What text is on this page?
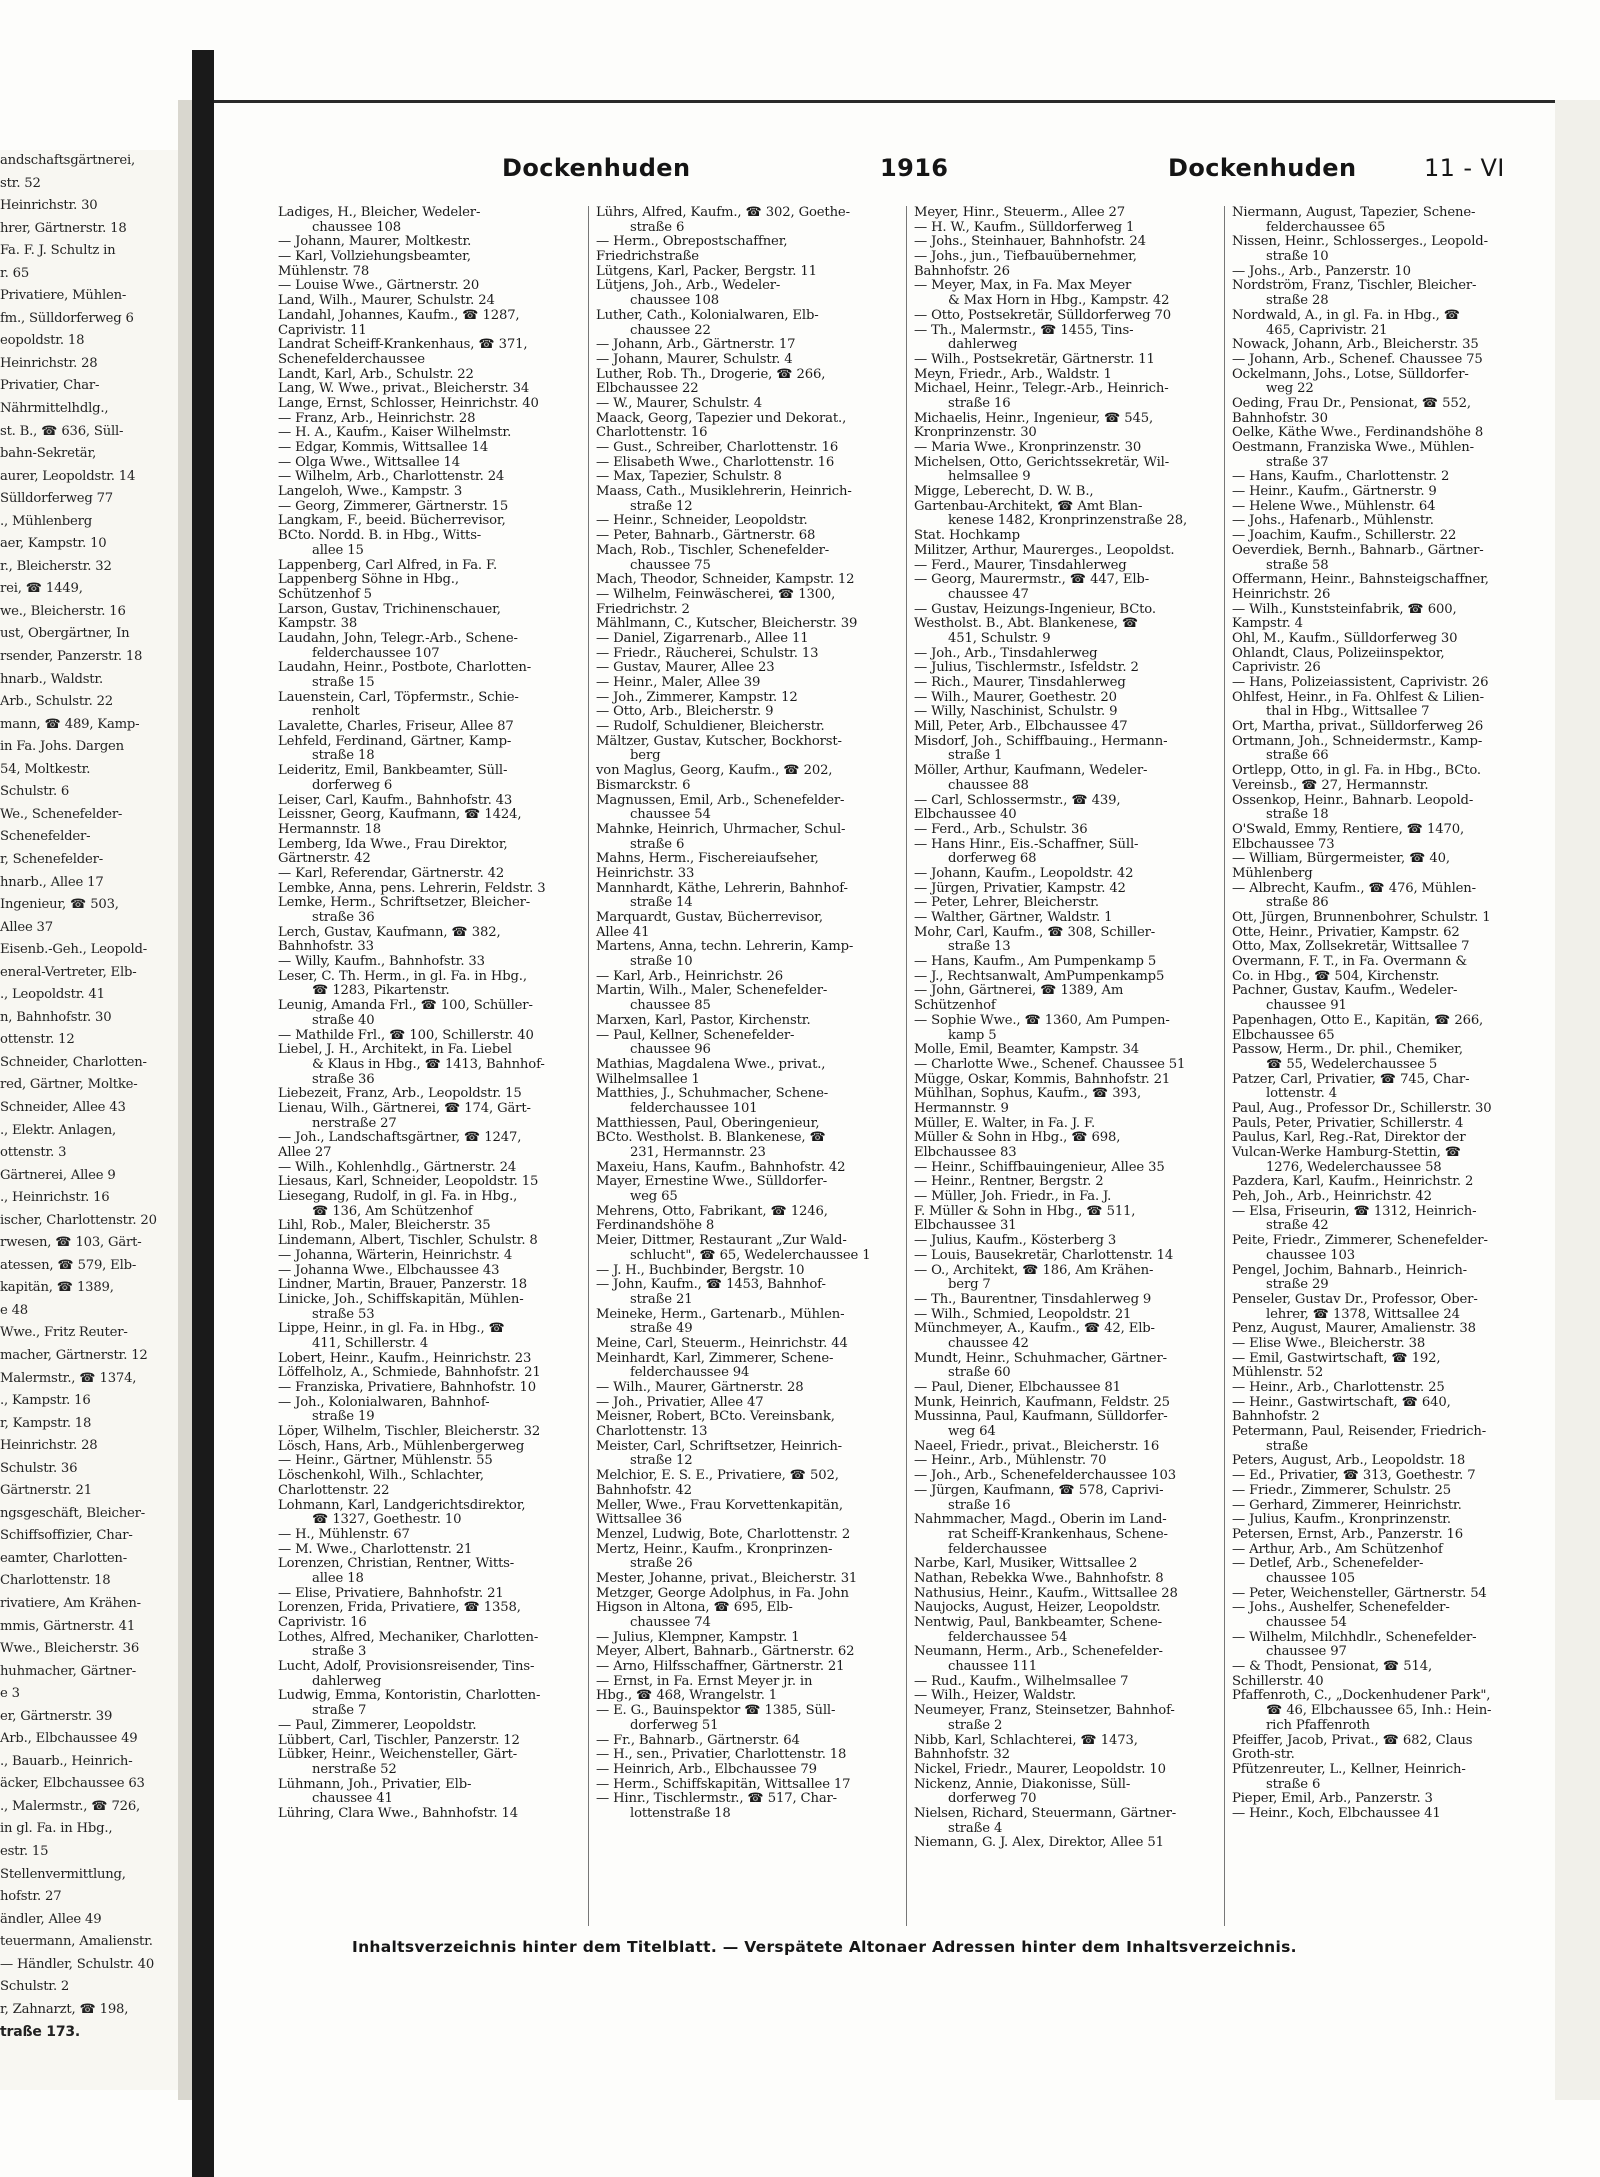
andschaftsgärtnerei,
str. 52
Heinrichstr. 30
hrer, Gärtnerstr. 18
Fa. F. J. Schultz in
r. 65
Privatiere, Mühlen-
fm., Sülldorferweg 6
eopoldstr. 18
Heinrichstr. 28
Privatier, Char-
Nährmittelhdlg.,
st. B., ☎ 636, Süll-
bahn-Sekretär,
aurer, Leopoldstr. 14
Sülldorferweg 77
., Mühlenberg
aer, Kampstr. 10
r., Bleicherstr. 32
rei, ☎ 1449,
we., Bleicherstr. 16
ust, Obergärtner, In
rsender, Panzerstr. 18
hnarb., Waldstr.
Arb., Schulstr. 22
mann, ☎ 489, Kamp-
in Fa. Johs. Dargen
54, Moltkestr.
Schulstr. 6
We., Schenefelder-
Schenefelder-
r, Schenefelder-
hnarb., Allee 17
Ingenieur, ☎ 503,
Allee 37
Eisenb.-Geh., Leopold-
eneral-Vertreter, Elb-
., Leopoldstr. 41
n, Bahnhofstr. 30
ottenstr. 12
Schneider, Charlotten-
red, Gärtner, Moltke-
Schneider, Allee 43
., Elektr. Anlagen,
ottenstr. 3
Gärtnerei, Allee 9
., Heinrichstr. 16
ischer, Charlottenstr. 20
rwesen, ☎ 103, Gärt-
atessen, ☎ 579, Elb-
kapitän, ☎ 1389,
e 48
Wwe., Fritz Reuter-
macher, Gärtnerstr. 12
Malermstr., ☎ 1374,
., Kampstr. 16
r, Kampstr. 18
Heinrichstr. 28
Schulstr. 36
Gärtnerstr. 21
ngsgeschäft, Bleicher-
Schiffsoffizier, Char-
eamter, Charlotten-
Charlottenstr. 18
rivatiere, Am Krähen-
mmis, Gärtnerstr. 41
Wwe., Bleicherstr. 36
huhmacher, Gärtner-
e 3
er, Gärtnerstr. 39
Arb., Elbchaussee 49
., Bauarb., Heinrich-
äcker, Elbchaussee 63
., Malermstr., ☎ 726,
in gl. Fa. in Hbg.,
estr. 15
Stellenvermittlung,
hofstr. 27
ändler, Allee 49
teuermann, Amalienstr.
— Händler, Schulstr. 40
Schulstr. 2
r, Zahnarzt, ☎ 198,
traße 173.
Dockenhuden	1916	Dockenhuden	11 - VI
Ladiges, H., Bleicher, Wedeler-
chaussee 108
— Johann, Maurer, Moltkestr.
— Karl, Vollziehungsbeamter,
Mühlenstr. 78
— Louise Wwe., Gärtnerstr. 20
Land, Wilh., Maurer, Schulstr. 24
Landahl, Johannes, Kaufm., ☎ 1287,
Caprivistr. 11
Landrat Scheiff-Krankenhaus, ☎ 371,
Schenefelderchaussee
Landt, Karl, Arb., Schulstr. 22
Lang, W. Wwe., privat., Bleicherstr. 34
Lange, Ernst, Schlosser, Heinrichstr. 40
— Franz, Arb., Heinrichstr. 28
— H. A., Kaufm., Kaiser Wilhelmstr.
— Edgar, Kommis, Wittsallee 14
— Olga Wwe., Wittsallee 14
— Wilhelm, Arb., Charlottenstr. 24
Langeloh, Wwe., Kampstr. 3
— Georg, Zimmerer, Gärtnerstr. 15
Langkam, F., beeid. Bücherrevisor,
BCto. Nordd. B. in Hbg., Witts-
allee 15
Lappenberg, Carl Alfred, in Fa. F.
Lappenberg Söhne in Hbg.,
Schützenhof 5
Larson, Gustav, Trichinenschauer,
Kampstr. 38
Laudahn, John, Telegr.-Arb., Schene-
felderchaussee 107
Laudahn, Heinr., Postbote, Charlotten-
straße 15
Lauenstein, Carl, Töpfermstr., Schie-
renholt
Lavalette, Charles, Friseur, Allee 87
Lehfeld, Ferdinand, Gärtner, Kamp-
straße 18
Leideritz, Emil, Bankbeamter, Süll-
dorferweg 6
Leiser, Carl, Kaufm., Bahnhofstr. 43
Leissner, Georg, Kaufmann, ☎ 1424,
Hermannstr. 18
Lemberg, Ida Wwe., Frau Direktor,
Gärtnerstr. 42
— Karl, Referendar, Gärtnerstr. 42
Lembke, Anna, pens. Lehrerin, Feldstr. 3
Lemke, Herm., Schriftsetzer, Bleicher-
straße 36
Lerch, Gustav, Kaufmann, ☎ 382,
Bahnhofstr. 33
— Willy, Kaufm., Bahnhofstr. 33
Leser, C. Th. Herm., in gl. Fa. in Hbg.,
☎ 1283, Pikartenstr.
Leunig, Amanda Frl., ☎ 100, Schüller-
straße 40
— Mathilde Frl., ☎ 100, Schillerstr. 40
Liebel, J. H., Architekt, in Fa. Liebel
& Klaus in Hbg., ☎ 1413, Bahnhof-
straße 36
Liebezeit, Franz, Arb., Leopoldstr. 15
Lienau, Wilh., Gärtnerei, ☎ 174, Gärt-
nerstraße 27
— Joh., Landschaftsgärtner, ☎ 1247,
Allee 27
— Wilh., Kohlenhdlg., Gärtnerstr. 24
Liesaus, Karl, Schneider, Leopoldstr. 15
Liesegang, Rudolf, in gl. Fa. in Hbg.,
☎ 136, Am Schützenhof
Lihl, Rob., Maler, Bleicherstr. 35
Lindemann, Albert, Tischler, Schulstr. 8
— Johanna, Wärterin, Heinrichstr. 4
— Johanna Wwe., Elbchaussee 43
Lindner, Martin, Brauer, Panzerstr. 18
Linicke, Joh., Schiffskapitän, Mühlen-
straße 53
Lippe, Heinr., in gl. Fa. in Hbg., ☎
411, Schillerstr. 4
Lobert, Heinr., Kaufm., Heinrichstr. 23
Löffelholz, A., Schmiede, Bahnhofstr. 21
— Franziska, Privatiere, Bahnhofstr. 10
— Joh., Kolonialwaren, Bahnhof-
straße 19
Löper, Wilhelm, Tischler, Bleicherstr. 32
Lösch, Hans, Arb., Mühlenbergerweg
— Heinr., Gärtner, Mühlenstr. 55
Löschenkohl, Wilh., Schlachter,
Charlottenstr. 22
Lohmann, Karl, Landgerichtsdirektor,
☎ 1327, Goethestr. 10
— H., Mühlenstr. 67
— M. Wwe., Charlottenstr. 21
Lorenzen, Christian, Rentner, Witts-
allee 18
— Elise, Privatiere, Bahnhofstr. 21
Lorenzen, Frida, Privatiere, ☎ 1358,
Caprivistr. 16
Lothes, Alfred, Mechaniker, Charlotten-
straße 3
Lucht, Adolf, Provisionsreisender, Tins-
dahlerweg
Ludwig, Emma, Kontoristin, Charlotten-
straße 7
— Paul, Zimmerer, Leopoldstr.
Lübbert, Carl, Tischler, Panzerstr. 12
Lübker, Heinr., Weichensteller, Gärt-
nerstraße 52
Lühmann, Joh., Privatier, Elb-
chaussee 41
Lühring, Clara Wwe., Bahnhofstr. 14
Lührs, Alfred, Kaufm., ☎ 302, Goethe-
straße 6
— Herm., Obrepostschaffner,
Friedrichstraße
Lütgens, Karl, Packer, Bergstr. 11
Lütjens, Joh., Arb., Wedeler-
chaussee 108
Luther, Cath., Kolonialwaren, Elb-
chaussee 22
— Johann, Arb., Gärtnerstr. 17
— Johann, Maurer, Schulstr. 4
Luther, Rob. Th., Drogerie, ☎ 266,
Elbchaussee 22
— W., Maurer, Schulstr. 4
Maack, Georg, Tapezier und Dekorat.,
Charlottenstr. 16
— Gust., Schreiber, Charlottenstr. 16
— Elisabeth Wwe., Charlottenstr. 16
— Max, Tapezier, Schulstr. 8
Maass, Cath., Musiklehrerin, Heinrich-
straße 12
— Heinr., Schneider, Leopoldstr.
— Peter, Bahnarb., Gärtnerstr. 68
Mach, Rob., Tischler, Schenefelder-
chaussee 75
Mach, Theodor, Schneider, Kampstr. 12
— Wilhelm, Feinwäscherei, ☎ 1300,
Friedrichstr. 2
Mählmann, C., Kutscher, Bleicherstr. 39
— Daniel, Zigarrenarb., Allee 11
— Friedr., Räucherei, Schulstr. 13
— Gustav, Maurer, Allee 23
— Heinr., Maler, Allee 39
— Joh., Zimmerer, Kampstr. 12
— Otto, Arb., Bleicherstr. 9
— Rudolf, Schuldiener, Bleicherstr.
Mältzer, Gustav, Kutscher, Bockhorst-
berg
von Maglus, Georg, Kaufm., ☎ 202,
Bismarckstr. 6
Magnussen, Emil, Arb., Schenefelder-
chaussee 54
Mahnke, Heinrich, Uhrmacher, Schul-
straße 6
Mahns, Herm., Fischereiaufseher,
Heinrichstr. 33
Mannhardt, Käthe, Lehrerin, Bahnhof-
straße 14
Marquardt, Gustav, Bücherrevisor,
Allee 41
Martens, Anna, techn. Lehrerin, Kamp-
straße 10
— Karl, Arb., Heinrichstr. 26
Martin, Wilh., Maler, Schenefelder-
chaussee 85
Marxen, Karl, Pastor, Kirchenstr.
— Paul, Kellner, Schenefelder-
chaussee 96
Mathias, Magdalena Wwe., privat.,
Wilhelmsallee 1
Matthies, J., Schuhmacher, Schene-
felderchaussee 101
Matthiessen, Paul, Oberingenieur,
BCto. Westholst. B. Blankenese, ☎
231, Hermannstr. 23
Maxeiu, Hans, Kaufm., Bahnhofstr. 42
Mayer, Ernestine Wwe., Sülldorfer-
weg 65
Mehrens, Otto, Fabrikant, ☎ 1246,
Ferdinandshöhe 8
Meier, Dittmer, Restaurant „Zur Wald-
schlucht", ☎ 65, Wedelerchaussee 1
— J. H., Buchbinder, Bergstr. 10
— John, Kaufm., ☎ 1453, Bahnhof-
straße 21
Meineke, Herm., Gartenarb., Mühlen-
straße 49
Meine, Carl, Steuerm., Heinrichstr. 44
Meinhardt, Karl, Zimmerer, Schene-
felderchaussee 94
— Wilh., Maurer, Gärtnerstr. 28
— Joh., Privatier, Allee 47
Meisner, Robert, BCto. Vereinsbank,
Charlottenstr. 13
Meister, Carl, Schriftsetzer, Heinrich-
straße 12
Melchior, E. S. E., Privatiere, ☎ 502,
Bahnhofstr. 42
Meller, Wwe., Frau Korvettenkapitän,
Wittsallee 36
Menzel, Ludwig, Bote, Charlottenstr. 2
Mertz, Heinr., Kaufm., Kronprinzen-
straße 26
Mester, Johanne, privat., Bleicherstr. 31
Metzger, George Adolphus, in Fa. John
Higson in Altona, ☎ 695, Elb-
chaussee 74
— Julius, Klempner, Kampstr. 1
Meyer, Albert, Bahnarb., Gärtnerstr. 62
— Arno, Hilfsschaffner, Gärtnerstr. 21
— Ernst, in Fa. Ernst Meyer jr. in
Hbg., ☎ 468, Wrangelstr. 1
— E. G., Bauinspektor ☎ 1385, Süll-
dorferweg 51
— Fr., Bahnarb., Gärtnerstr. 64
— H., sen., Privatier, Charlottenstr. 18
— Heinrich, Arb., Elbchaussee 79
— Herm., Schiffskapitän, Wittsallee 17
— Hinr., Tischlermstr., ☎ 517, Char-
lottenstraße 18
Meyer, Hinr., Steuerm., Allee 27
— H. W., Kaufm., Sülldorferweg 1
— Johs., Steinhauer, Bahnhofstr. 24
— Johs., jun., Tiefbauübernehmer,
Bahnhofstr. 26
— Meyer, Max, in Fa. Max Meyer
& Max Horn in Hbg., Kampstr. 42
— Otto, Postsekretär, Sülldorferweg 70
— Th., Malermstr., ☎ 1455, Tins-
dahlerweg
— Wilh., Postsekretär, Gärtnerstr. 11
Meyn, Friedr., Arb., Waldstr. 1
Michael, Heinr., Telegr.-Arb., Heinrich-
straße 16
Michaelis, Heinr., Ingenieur, ☎ 545,
Kronprinzenstr. 30
— Maria Wwe., Kronprinzenstr. 30
Michelsen, Otto, Gerichtssekretär, Wil-
helmsallee 9
Migge, Leberecht, D. W. B.,
Gartenbau-Architekt, ☎ Amt Blan-
kenese 1482, Kronprinzenstraße 28,
Stat. Hochkamp
Militzer, Arthur, Maurerges., Leopoldst.
— Ferd., Maurer, Tinsdahlerweg
— Georg, Maurermstr., ☎ 447, Elb-
chaussee 47
— Gustav, Heizungs-Ingenieur, BCto.
Westholst. B., Abt. Blankenese, ☎
451, Schulstr. 9
— Joh., Arb., Tinsdahlerweg
— Julius, Tischlermstr., Isfeldstr. 2
— Rich., Maurer, Tinsdahlerweg
— Wilh., Maurer, Goethestr. 20
— Willy, Naschinist, Schulstr. 9
Mill, Peter, Arb., Elbchaussee 47
Misdorf, Joh., Schiffbauing., Hermann-
straße 1
Möller, Arthur, Kaufmann, Wedeler-
chaussee 88
— Carl, Schlossermstr., ☎ 439,
Elbchaussee 40
— Ferd., Arb., Schulstr. 36
— Hans Hinr., Eis.-Schaffner, Süll-
dorferweg 68
— Johann, Kaufm., Leopoldstr. 42
— Jürgen, Privatier, Kampstr. 42
— Peter, Lehrer, Bleicherstr.
— Walther, Gärtner, Waldstr. 1
Mohr, Carl, Kaufm., ☎ 308, Schiller-
straße 13
— Hans, Kaufm., Am Pumpenkamp 5
— J., Rechtsanwalt, AmPumpenkamp5
— John, Gärtnerei, ☎ 1389, Am
Schützenhof
— Sophie Wwe., ☎ 1360, Am Pumpen-
kamp 5
Molle, Emil, Beamter, Kampstr. 34
— Charlotte Wwe., Schenef. Chaussee 51
Mügge, Oskar, Kommis, Bahnhofstr. 21
Mühlhan, Sophus, Kaufm., ☎ 393,
Hermannstr. 9
Müller, E. Walter, in Fa. J. F.
Müller & Sohn in Hbg., ☎ 698,
Elbchaussee 83
— Heinr., Schiffbauingenieur, Allee 35
— Heinr., Rentner, Bergstr. 2
— Müller, Joh. Friedr., in Fa. J.
F. Müller & Sohn in Hbg., ☎ 511,
Elbchaussee 31
— Julius, Kaufm., Kösterberg 3
— Louis, Bausekretär, Charlottenstr. 14
— O., Architekt, ☎ 186, Am Krähen-
berg 7
— Th., Baurentner, Tinsdahlerweg 9
— Wilh., Schmied, Leopoldstr. 21
Münchmeyer, A., Kaufm., ☎ 42, Elb-
chaussee 42
Mundt, Heinr., Schuhmacher, Gärtner-
straße 60
— Paul, Diener, Elbchaussee 81
Munk, Heinrich, Kaufmann, Feldstr. 25
Mussinna, Paul, Kaufmann, Sülldorfer-
weg 64
Naeel, Friedr., privat., Bleicherstr. 16
— Heinr., Arb., Mühlenstr. 70
— Joh., Arb., Schenefelderchaussee 103
— Jürgen, Kaufmann, ☎ 578, Caprivi-
straße 16
Nahmmacher, Magd., Oberin im Land-
rat Scheiff-Krankenhaus, Schene-
felderchaussee
Narbe, Karl, Musiker, Wittsallee 2
Nathan, Rebekka Wwe., Bahnhofstr. 8
Nathusius, Heinr., Kaufm., Wittsallee 28
Naujocks, August, Heizer, Leopoldstr.
Nentwig, Paul, Bankbeamter, Schene-
felderchaussee 54
Neumann, Herm., Arb., Schenefelder-
chaussee 111
— Rud., Kaufm., Wilhelmsallee 7
— Wilh., Heizer, Waldstr.
Neumeyer, Franz, Steinsetzer, Bahnhof-
straße 2
Nibb, Karl, Schlachterei, ☎ 1473,
Bahnhofstr. 32
Nickel, Friedr., Maurer, Leopoldstr. 10
Nickenz, Annie, Diakonisse, Süll-
dorferweg 70
Nielsen, Richard, Steuermann, Gärtner-
straße 4
Niemann, G. J. Alex, Direktor, Allee 51
Niermann, August, Tapezier, Schene-
felderchaussee 65
Nissen, Heinr., Schlosserges., Leopold-
straße 10
— Johs., Arb., Panzerstr. 10
Nordström, Franz, Tischler, Bleicher-
straße 28
Nordwald, A., in gl. Fa. in Hbg., ☎
465, Caprivistr. 21
Nowack, Johann, Arb., Bleicherstr. 35
— Johann, Arb., Schenef. Chaussee 75
Ockelmann, Johs., Lotse, Sülldorfer-
weg 22
Oeding, Frau Dr., Pensionat, ☎ 552,
Bahnhofstr. 30
Oelke, Käthe Wwe., Ferdinandshöhe 8
Oestmann, Franziska Wwe., Mühlen-
straße 37
— Hans, Kaufm., Charlottenstr. 2
— Heinr., Kaufm., Gärtnerstr. 9
— Helene Wwe., Mühlenstr. 64
— Johs., Hafenarb., Mühlenstr.
— Joachim, Kaufm., Schillerstr. 22
Oeverdiek, Bernh., Bahnarb., Gärtner-
straße 58
Offermann, Heinr., Bahnsteigschaffner,
Heinrichstr. 26
— Wilh., Kunststeinfabrik, ☎ 600,
Kampstr. 4
Ohl, M., Kaufm., Sülldorferweg 30
Ohlandt, Claus, Polizeiinspektor,
Caprivistr. 26
— Hans, Polizeiassistent, Caprivistr. 26
Ohlfest, Heinr., in Fa. Ohlfest & Lilien-
thal in Hbg., Wittsallee 7
Ort, Martha, privat., Sülldorferweg 26
Ortmann, Joh., Schneidermstr., Kamp-
straße 66
Ortlepp, Otto, in gl. Fa. in Hbg., BCto.
Vereinsb., ☎ 27, Hermannstr.
Ossenkop, Heinr., Bahnarb. Leopold-
straße 18
O'Swald, Emmy, Rentiere, ☎ 1470,
Elbchaussee 73
— William, Bürgermeister, ☎ 40,
Mühlenberg
— Albrecht, Kaufm., ☎ 476, Mühlen-
straße 86
Ott, Jürgen, Brunnenbohrer, Schulstr. 1
Otte, Heinr., Privatier, Kampstr. 62
Otto, Max, Zollsekretär, Wittsallee 7
Overmann, F. T., in Fa. Overmann &
Co. in Hbg., ☎ 504, Kirchenstr.
Pachner, Gustav, Kaufm., Wedeler-
chaussee 91
Papenhagen, Otto E., Kapitän, ☎ 266,
Elbchaussee 65
Passow, Herm., Dr. phil., Chemiker,
☎ 55, Wedelerchaussee 5
Patzer, Carl, Privatier, ☎ 745, Char-
lottenstr. 4
Paul, Aug., Professor Dr., Schillerstr. 30
Pauls, Peter, Privatier, Schillerstr. 4
Paulus, Karl, Reg.-Rat, Direktor der
Vulcan-Werke Hamburg-Stettin, ☎
1276, Wedelerchaussee 58
Pazdera, Karl, Kaufm., Heinrichstr. 2
Peh, Joh., Arb., Heinrichstr. 42
— Elsa, Friseurin, ☎ 1312, Heinrich-
straße 42
Peite, Friedr., Zimmerer, Schenefelder-
chaussee 103
Pengel, Jochim, Bahnarb., Heinrich-
straße 29
Penseler, Gustav Dr., Professor, Ober-
lehrer, ☎ 1378, Wittsallee 24
Penz, August, Maurer, Amalienstr. 38
— Elise Wwe., Bleicherstr. 38
— Emil, Gastwirtschaft, ☎ 192,
Mühlenstr. 52
— Heinr., Arb., Charlottenstr. 25
— Heinr., Gastwirtschaft, ☎ 640,
Bahnhofstr. 2
Petermann, Paul, Reisender, Friedrich-
straße
Peters, August, Arb., Leopoldstr. 18
— Ed., Privatier, ☎ 313, Goethestr. 7
— Friedr., Zimmerer, Schulstr. 25
— Gerhard, Zimmerer, Heinrichstr.
— Julius, Kaufm., Kronprinzenstr.
Petersen, Ernst, Arb., Panzerstr. 16
— Arthur, Arb., Am Schützenhof
— Detlef, Arb., Schenefelder-
chaussee 105
— Peter, Weichensteller, Gärtnerstr. 54
— Johs., Aushelfer, Schenefelder-
chaussee 54
— Wilhelm, Milchhdlr., Schenefelder-
chaussee 97
— & Thodt, Pensionat, ☎ 514,
Schillerstr. 40
Pfaffenroth, C., „Dockenhudener Park",
☎ 46, Elbchaussee 65, Inh.: Hein-
rich Pfaffenroth
Pfeiffer, Jacob, Privat., ☎ 682, Claus
Groth-str.
Pfützenreuter, L., Kellner, Heinrich-
straße 6
Pieper, Emil, Arb., Panzerstr. 3
— Heinr., Koch, Elbchaussee 41
Inhaltsverzeichnis hinter dem Titelblatt. — Verspätete Altonaer Adressen hinter dem Inhaltsverzeichnis.
